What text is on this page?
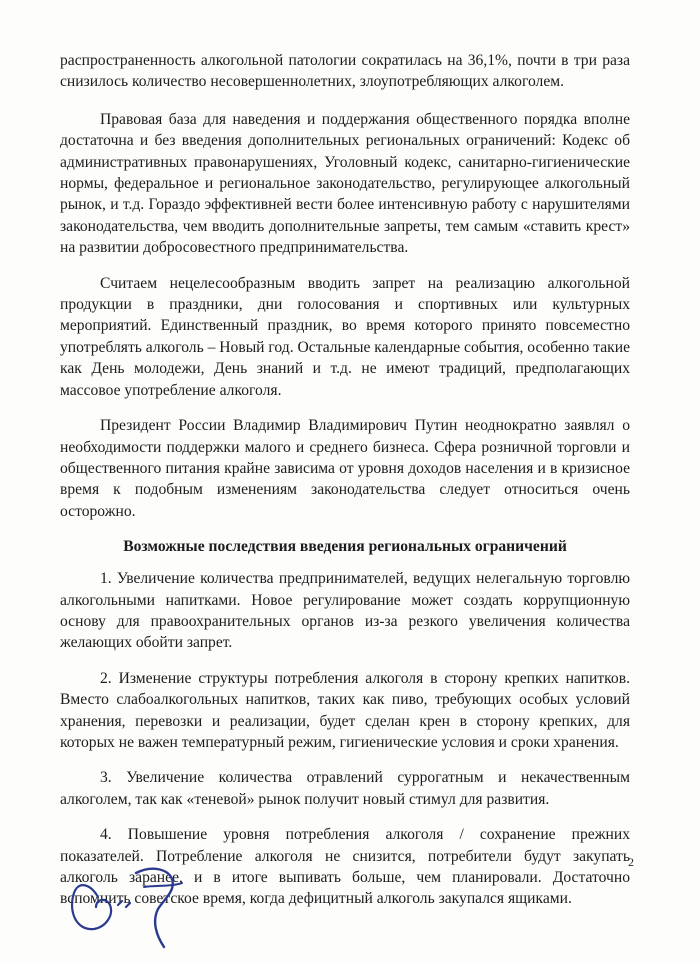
распространенность алкогольной патологии сократилась на 36,1%, почти в три раза снизилось количество несовершеннолетних, злоупотребляющих алкоголем.

Правовая база для наведения и поддержания общественного порядка вполне достаточна и без введения дополнительных региональных ограничений: Кодекс об административных правонарушениях, Уголовный кодекс, санитарно-гигиенические нормы, федеральное и региональное законодательство, регулирующее алкогольный рынок, и т.д. Гораздо эффективней вести более интенсивную работу с нарушителями законодательства, чем вводить дополнительные запреты, тем самым «ставить крест» на развитии добросовестного предпринимательства.

Считаем нецелесообразным вводить запрет на реализацию алкогольной продукции в праздники, дни голосования и спортивных или культурных мероприятий. Единственный праздник, во время которого принято повсеместно употреблять алкоголь – Новый год. Остальные календарные события, особенно такие как День молодежи, День знаний и т.д. не имеют традиций, предполагающих массовое употребление алкоголя.

Президент России Владимир Владимирович Путин неоднократно заявлял о необходимости поддержки малого и среднего бизнеса. Сфера розничной торговли и общественного питания крайне зависима от уровня доходов населения и в кризисное время к подобным изменениям законодательства следует относиться очень осторожно.

Возможные последствия введения региональных ограничений

1. Увеличение количества предпринимателей, ведущих нелегальную торговлю алкогольными напитками. Новое регулирование может создать коррупционную основу для правоохранительных органов из-за резкого увеличения количества желающих обойти запрет.

2. Изменение структуры потребления алкоголя в сторону крепких напитков. Вместо слабоалкогольных напитков, таких как пиво, требующих особых условий хранения, перевозки и реализации, будет сделан крен в сторону крепких, для которых не важен температурный режим, гигиенические условия и сроки хранения.

3. Увеличение количества отравлений суррогатным и некачественным алкоголем, так как «теневой» рынок получит новый стимул для развития.

4. Повышение уровня потребления алкоголя / сохранение прежних показателей. Потребление алкоголя не снизится, потребители будут закупать алкоголь заранее, и в итоге выпивать больше, чем планировали. Достаточно вспомнить советское время, когда дефицитный алкоголь закупался ящиками.

2
